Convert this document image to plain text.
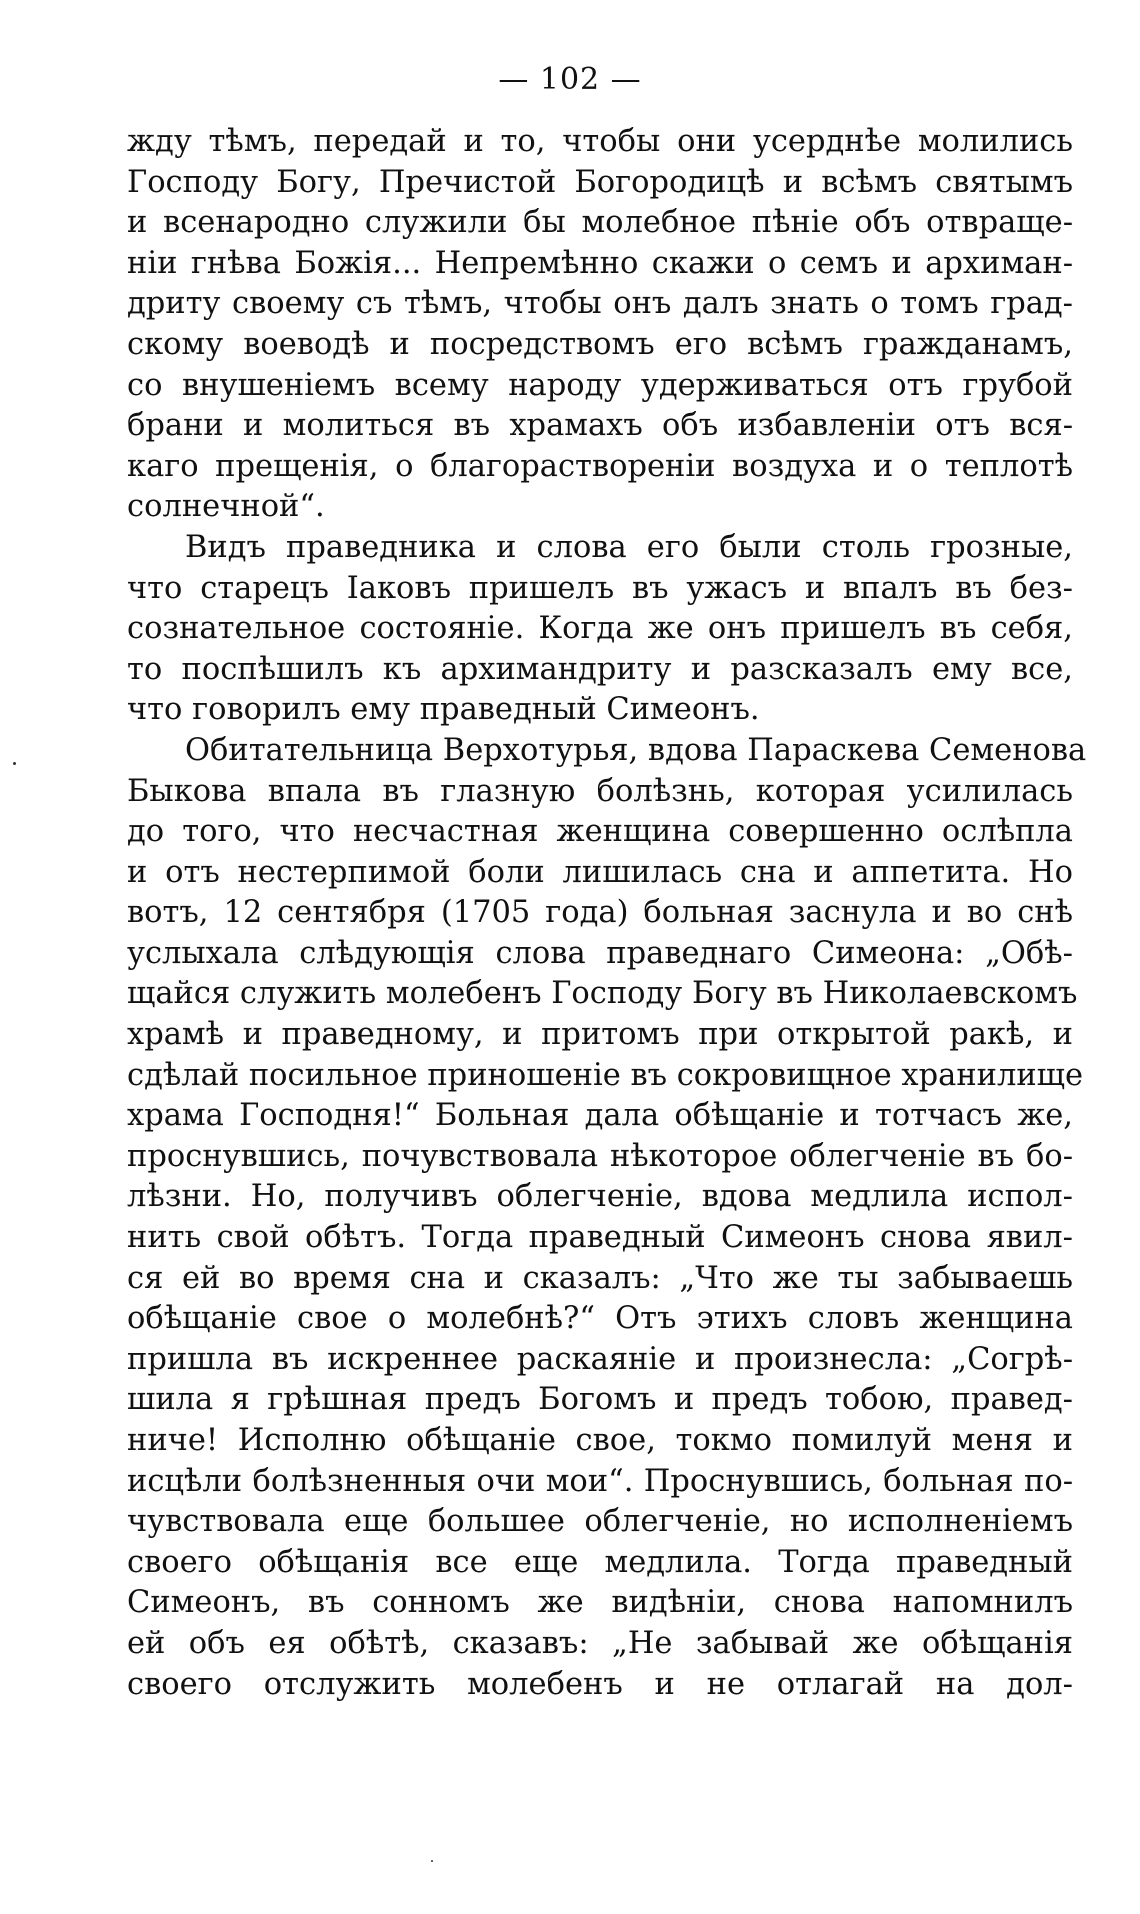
— 102 —
жду тѣмъ, передай и то, чтобы они усерднѣе молились
Господу Богу, Пречистой Богородицѣ и всѣмъ святымъ
и всенародно служили бы молебное пѣніе объ отвраще-
ніи гнѣва Божія... Непремѣнно скажи о семъ и архиман-
дриту своему съ тѣмъ, чтобы онъ далъ знать о томъ град-
скому воеводѣ и посредствомъ его всѣмъ гражданамъ,
со внушеніемъ всему народу удерживаться отъ грубой
брани и молиться въ храмахъ объ избавленіи отъ вся-
каго прещенія, о благораствореніи воздуха и о теплотѣ
солнечной“.
Видъ праведника и слова его были столь грозные,
что старецъ Іаковъ пришелъ въ ужасъ и впалъ въ без-
сознательное состояніе. Когда же онъ пришелъ въ себя,
то поспѣшилъ къ архимандриту и разсказалъ ему все,
что говорилъ ему праведный Симеонъ.
Обитательница Верхотурья, вдова Параскева Семенова
Быкова впала въ глазную болѣзнь, которая усилилась
до того, что несчастная женщина совершенно ослѣпла
и отъ нестерпимой боли лишилась сна и аппетита. Но
вотъ, 12 сентября (1705 года) больная заснула и во снѣ
услыхала слѣдующія слова праведнаго Симеона: „Обѣ-
щайся служить молебенъ Господу Богу въ Николаевскомъ
храмѣ и праведному, и притомъ при открытой ракѣ, и
сдѣлай посильное приношеніе въ сокровищное хранилище
храма Господня!“ Больная дала обѣщаніе и тотчасъ же,
проснувшись, почувствовала нѣкоторое облегченіе въ бо-
лѣзни. Но, получивъ облегченіе, вдова медлила испол-
нить свой обѣтъ. Тогда праведный Симеонъ снова явил-
ся ей во время сна и сказалъ: „Что же ты забываешь
обѣщаніе свое о молебнѣ?“ Отъ этихъ словъ женщина
пришла въ искреннее раскаяніе и произнесла: „Согрѣ-
шила я грѣшная предъ Богомъ и предъ тобою, правед-
ниче! Исполню обѣщаніе свое, токмо помилуй меня и
исцѣли болѣзненныя очи мои“. Проснувшись, больная по-
чувствовала еще большее облегченіе, но исполненіемъ
своего обѣщанія все еще медлила. Тогда праведный
Симеонъ, въ сонномъ же видѣніи, снова напомнилъ
ей объ ея обѣтѣ, сказавъ: „Не забывай же обѣщанія
своего отслужить молебенъ и не отлагай на дол-
